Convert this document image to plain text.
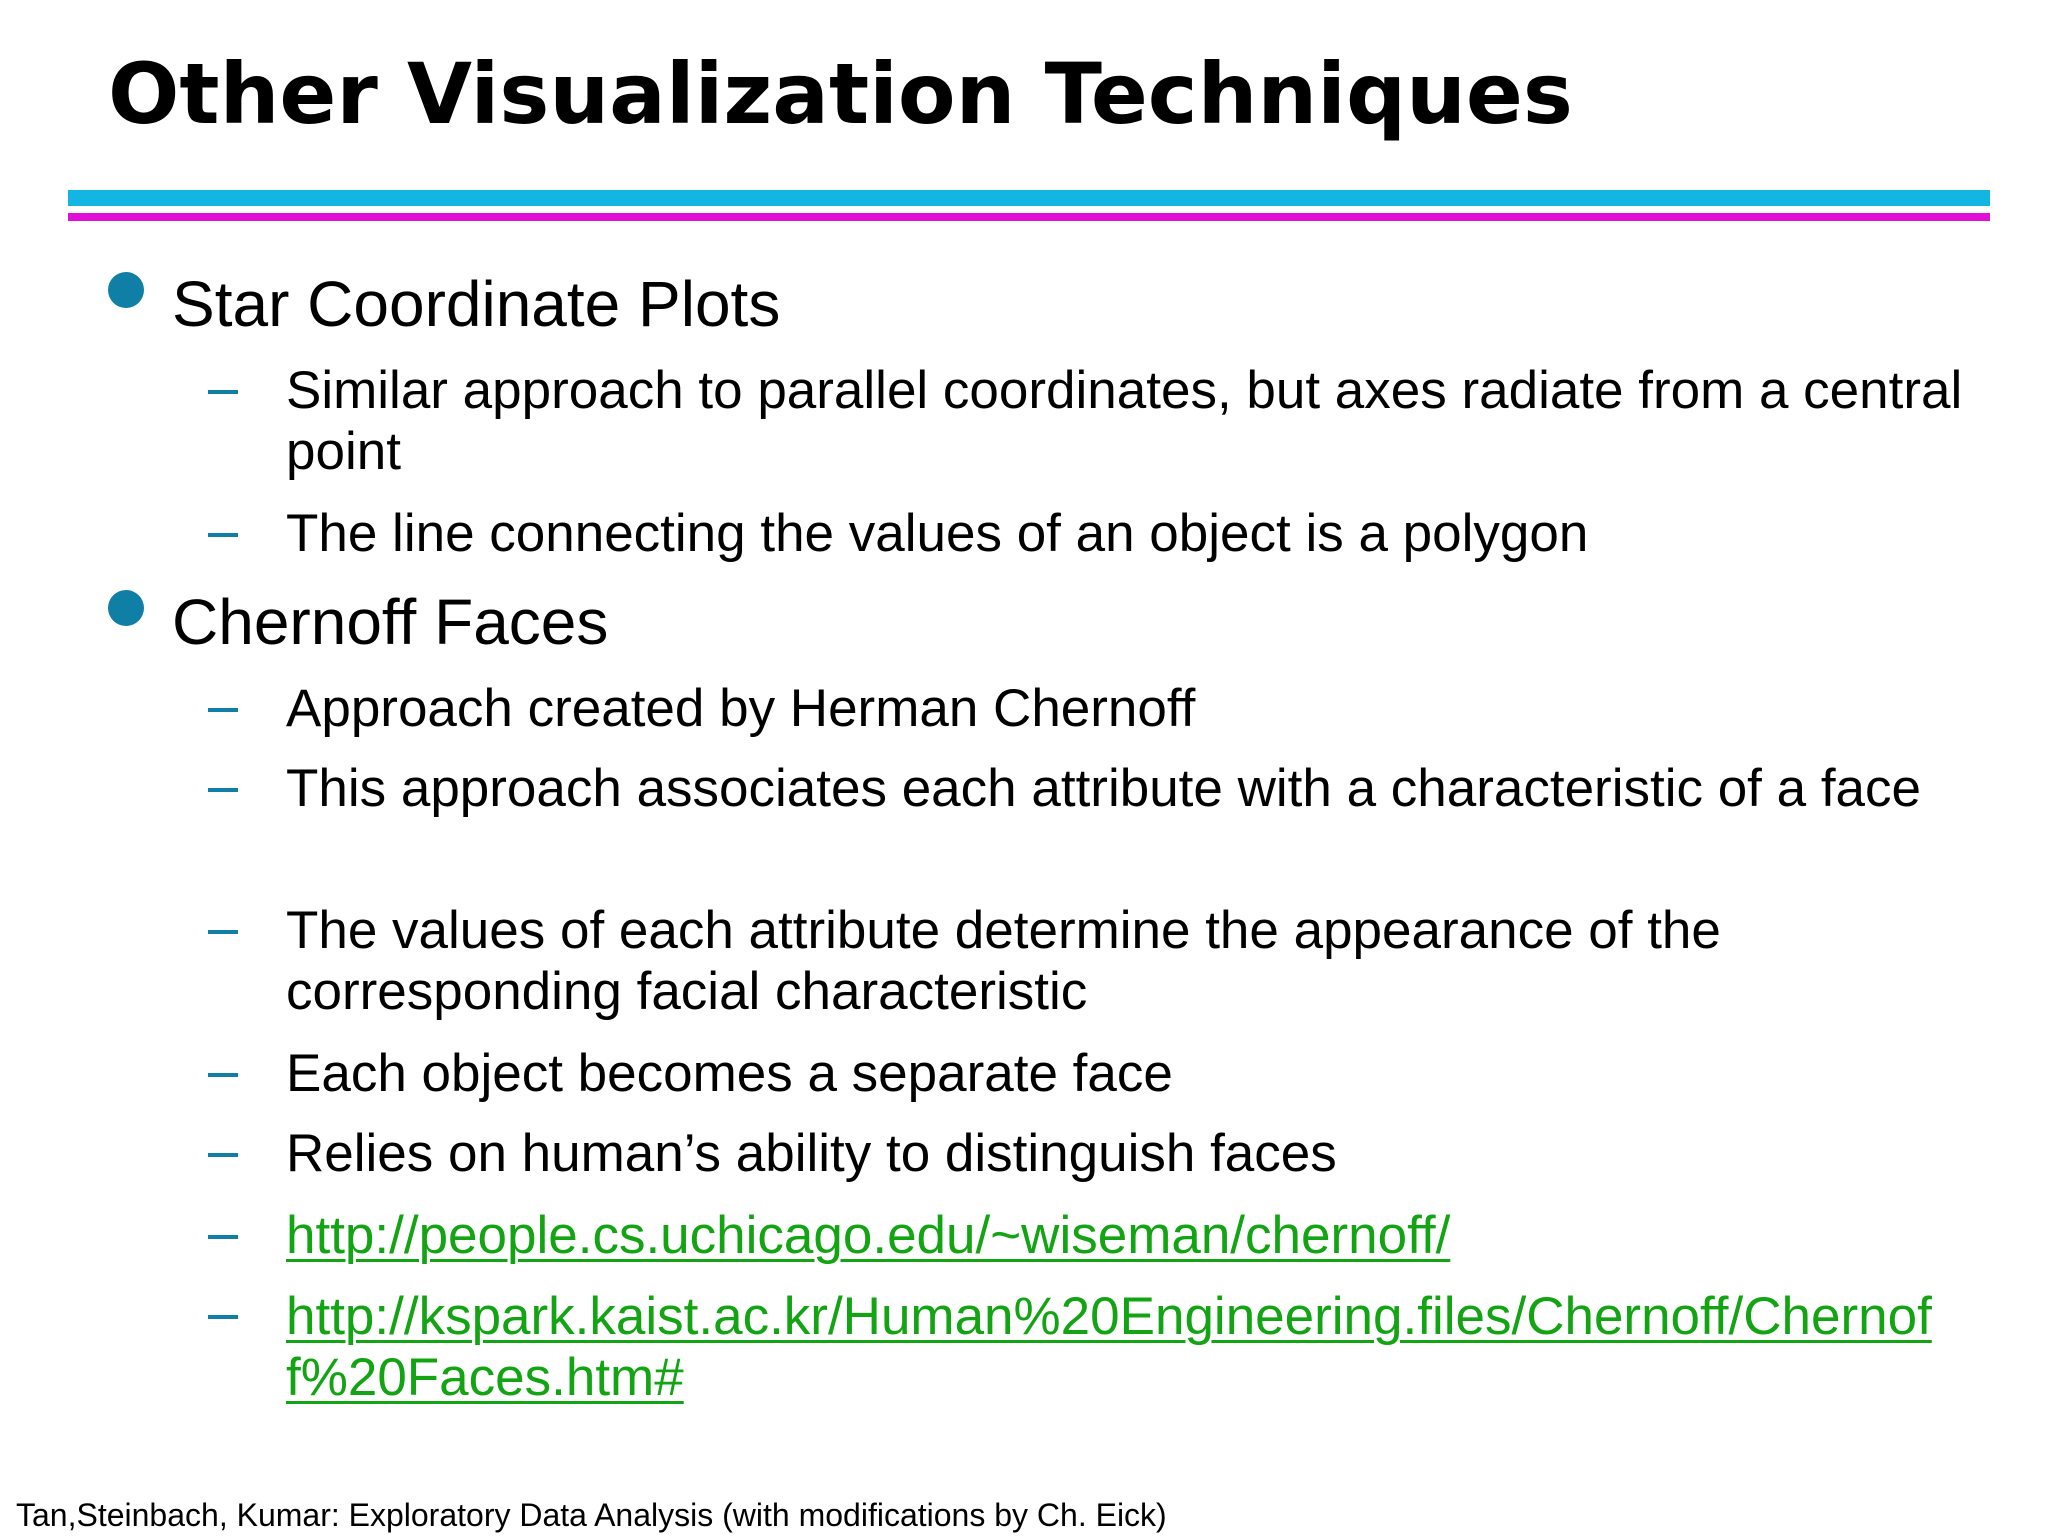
Other Visualization Techniques
Star Coordinate Plots
Similar approach to parallel coordinates, but axes radiate from a central point
The line connecting the values of an object is a polygon
Chernoff Faces
Approach created by Herman Chernoff
This approach associates each attribute with a characteristic of a face
The values of each attribute determine the appearance of the corresponding facial characteristic
Each object becomes a separate face
Relies on human’s ability to distinguish faces
http://people.cs.uchicago.edu/~wiseman/chernoff/
http://kspark.kaist.ac.kr/Human%20Engineering.files/Chernoff/Chernoff%20Faces.htm#
Tan,Steinbach, Kumar: Exploratory Data Analysis (with modifications by Ch. Eick)
